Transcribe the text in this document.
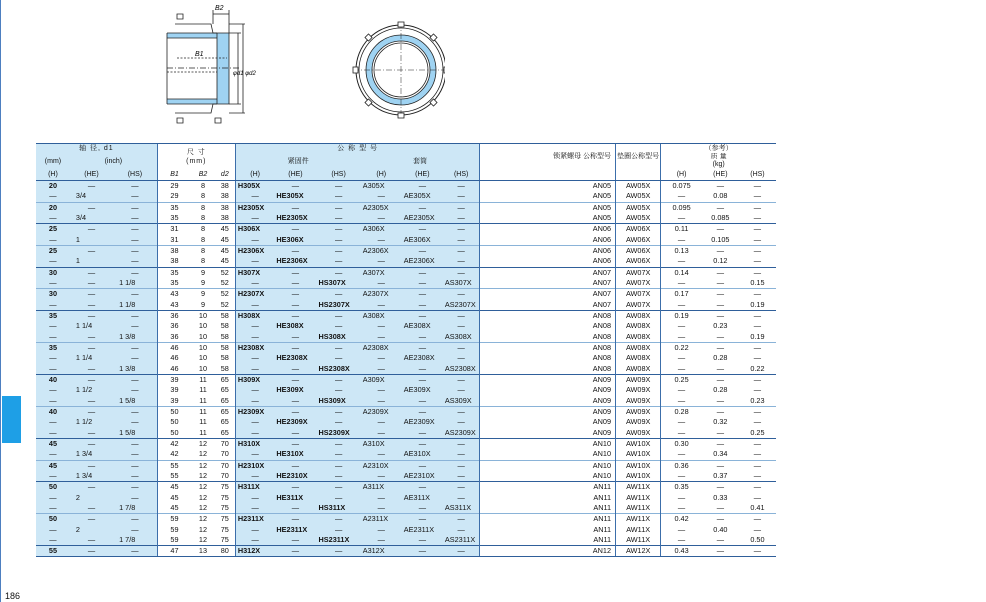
186
B2
B1
φd1 φd2
轴 径, d1			尺 寸
(mm)			公 称 型 号						锁紧螺母 公称型号	垫圈公称型号	（参考）		
(mm)	(inch)					紧固件			套筒					质 量
(kg)		

(H)	(HE)	(HS)	B1	B2	d2	(H)	(HE)	(HS)	(H)	(HE)	(HS)			(H)	(HE)	(HS)
20	—	—	29	8	38	H305X	—	—	A305X	—	—	AN05	AW05X	0.075	—	—
—	3/4	—	29	8	38	—	HE305X	—	—	AE305X	—	AN05	AW05X	—	0.08	—
20	—	—	35	8	38	H2305X	—	—	A2305X	—	—	AN05	AW05X	0.095	—	—
—	3/4	—	35	8	38	—	HE2305X	—	—	AE2305X	—	AN05	AW05X	—	0.085	—
25	—	—	31	8	45	H306X	—	—	A306X	—	—	AN06	AW06X	0.11	—	—
—	1	—	31	8	45	—	HE306X	—	—	AE306X	—	AN06	AW06X	—	0.105	—
25	—	—	38	8	45	H2306X	—	—	A2306X	—	—	AN06	AW06X	0.13	—	—
—	1	—	38	8	45	—	HE2306X	—	—	AE2306X	—	AN06	AW06X	—	0.12	—
30	—	—	35	9	52	H307X	—	—	A307X	—	—	AN07	AW07X	0.14	—	—
—	—	1 1/8	35	9	52	—	—	HS307X	—	—	AS307X	AN07	AW07X	—	—	0.15
30	—	—	43	9	52	H2307X	—	—	A2307X	—	—	AN07	AW07X	0.17	—	—
—	—	1 1/8	43	9	52	—	—	HS2307X	—	—	AS2307X	AN07	AW07X	—	—	0.19
35	—	—	36	10	58	H308X	—	—	A308X	—	—	AN08	AW08X	0.19	—	—
—	1 1/4	—	36	10	58	—	HE308X	—	—	AE308X	—	AN08	AW08X	—	0.23	—
—	—	1 3/8	36	10	58	—	—	HS308X	—	—	AS308X	AN08	AW08X	—	—	0.19
35	—	—	46	10	58	H2308X	—	—	A2308X	—	—	AN08	AW08X	0.22	—	—
—	1 1/4	—	46	10	58	—	HE2308X	—	—	AE2308X	—	AN08	AW08X	—	0.28	—
—	—	1 3/8	46	10	58	—	—	HS2308X	—	—	AS2308X	AN08	AW08X	—	—	0.22
40	—	—	39	11	65	H309X	—	—	A309X	—	—	AN09	AW09X	0.25	—	—
—	1 1/2	—	39	11	65	—	HE309X	—	—	AE309X	—	AN09	AW09X	—	0.28	—
—	—	1 5/8	39	11	65	—	—	HS309X	—	—	AS309X	AN09	AW09X	—	—	0.23
40	—	—	50	11	65	H2309X	—	—	A2309X	—	—	AN09	AW09X	0.28	—	—
—	1 1/2	—	50	11	65	—	HE2309X	—	—	AE2309X	—	AN09	AW09X	—	0.32	—
—	—	1 5/8	50	11	65	—	—	HS2309X	—	—	AS2309X	AN09	AW09X	—	—	0.25
45	—	—	42	12	70	H310X	—	—	A310X	—	—	AN10	AW10X	0.30	—	—
—	1 3/4	—	42	12	70	—	HE310X	—	—	AE310X	—	AN10	AW10X	—	0.34	—
45	—	—	55	12	70	H2310X	—	—	A2310X	—	—	AN10	AW10X	0.36	—	—
—	1 3/4	—	55	12	70	—	HE2310X	—	—	AE2310X	—	AN10	AW10X	—	0.37	—
50	—	—	45	12	75	H311X	—	—	A311X	—	—	AN11	AW11X	0.35	—	—
—	2	—	45	12	75	—	HE311X	—	—	AE311X	—	AN11	AW11X	—	0.33	—
—	—	1 7/8	45	12	75	—	—	HS311X	—	—	AS311X	AN11	AW11X	—	—	0.41
50	—	—	59	12	75	H2311X	—	—	A2311X	—	—	AN11	AW11X	0.42	—	—
—	2	—	59	12	75	—	HE2311X	—	—	AE2311X	—	AN11	AW11X	—	0.40	—
—	—	1 7/8	59	12	75	—	—	HS2311X	—	—	AS2311X	AN11	AW11X	—	—	0.50
55	—	—	47	13	80	H312X	—	—	A312X	—	—	AN12	AW12X	0.43	—	—
